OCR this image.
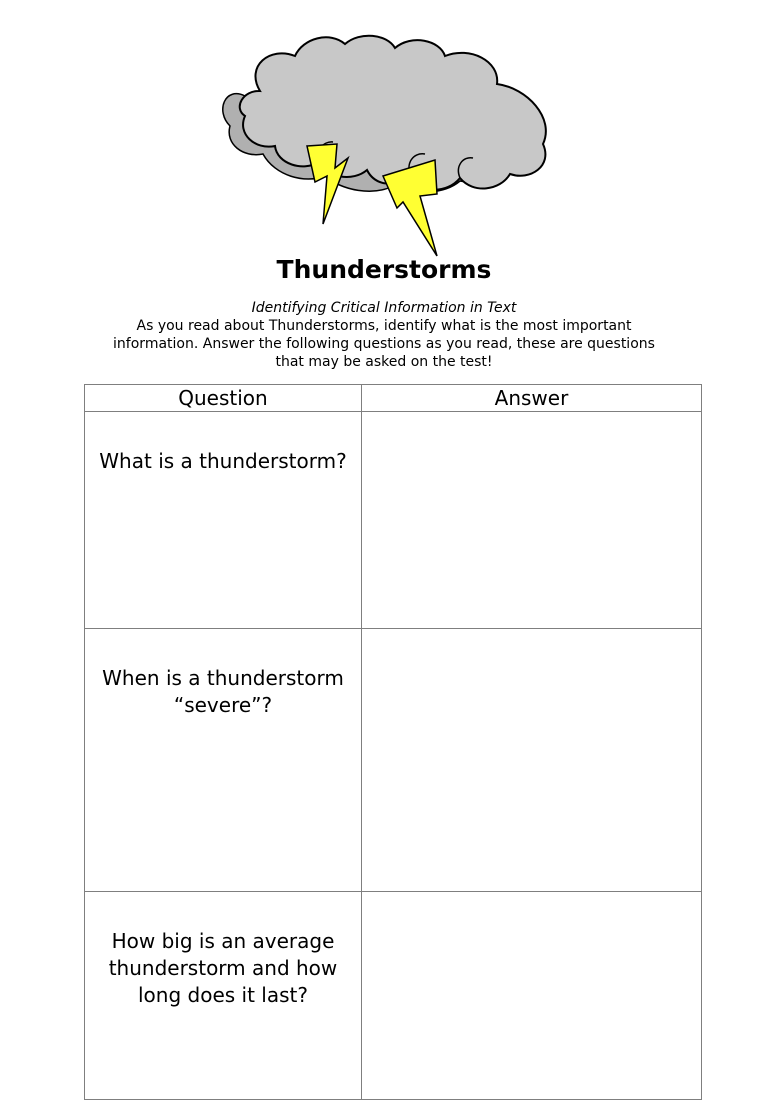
Thunderstorms
Identifying Critical Information in Text
As you read about Thunderstorms, identify what is the most important information. Answer the following questions as you read, these are questions that may be asked on the test!
Question	Answer
What is a thunderstorm?	
When is a thunderstorm “severe”?	
How big is an average thunderstorm and how long does it last?	
